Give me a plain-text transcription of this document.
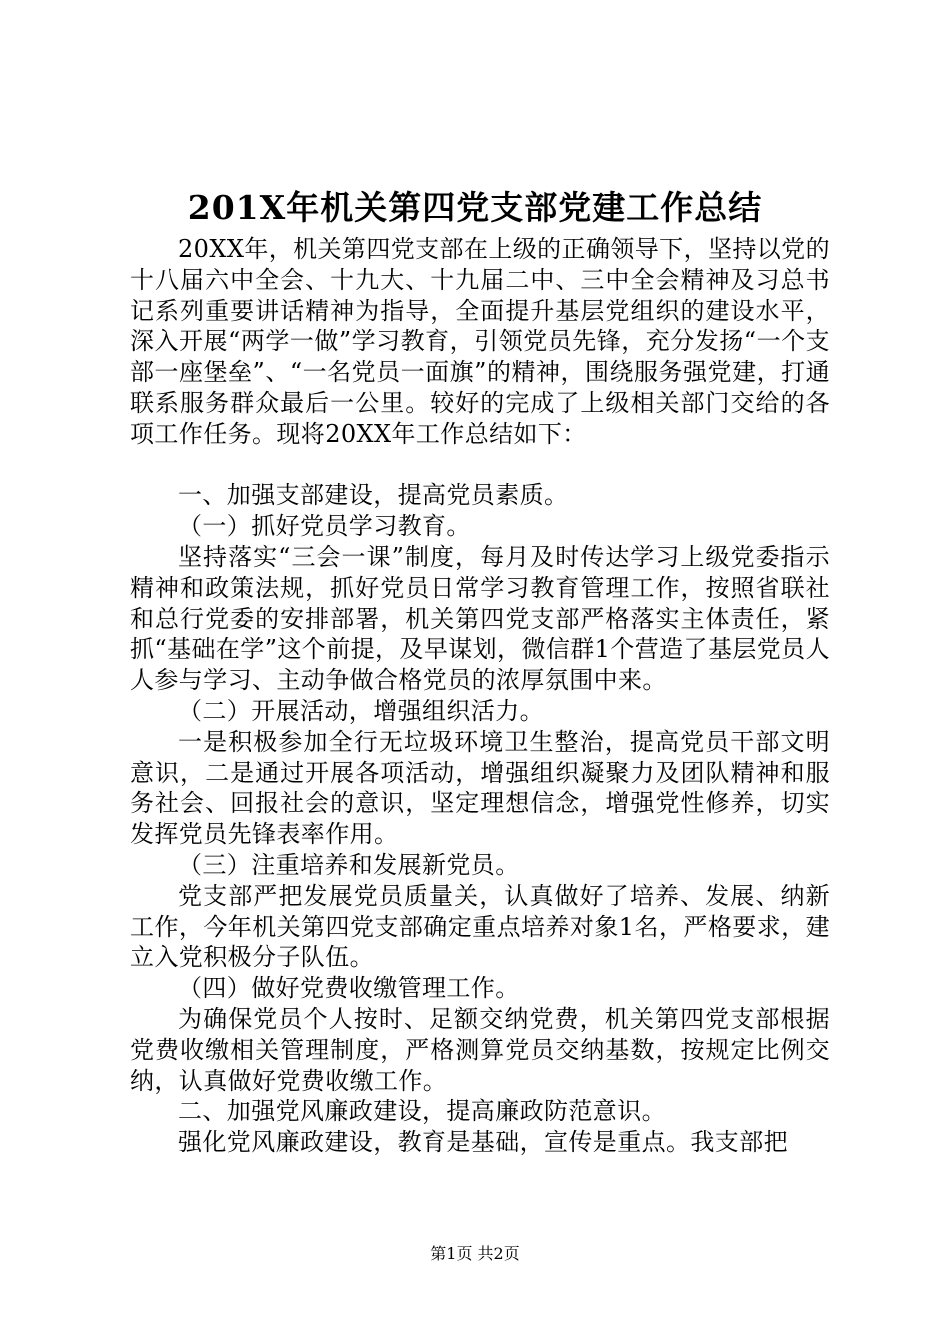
201X年机关第四党支部党建工作总结

20XX年，机关第四党支部在上级的正确领导下，坚持以党的十八届六中全会、十九大、十九届二中、三中全会精神及习总书记系列重要讲话精神为指导，全面提升基层党组织的建设水平，深入开展“两学一做”学习教育，引领党员先锋，充分发扬“一个支部一座堡垒”、“一名党员一面旗”的精神，围绕服务强党建，打通联系服务群众最后一公里。较好的完成了上级相关部门交给的各项工作任务。现将20XX年工作总结如下：

一、加强支部建设，提高党员素质。

（一）抓好党员学习教育。

坚持落实“三会一课”制度，每月及时传达学习上级党委指示精神和政策法规，抓好党员日常学习教育管理工作，按照省联社和总行党委的安排部署，机关第四党支部严格落实主体责任，紧抓“基础在学”这个前提，及早谋划，微信群1个营造了基层党员人人参与学习、主动争做合格党员的浓厚氛围中来。

（二）开展活动，增强组织活力。

一是积极参加全行无垃圾环境卫生整治，提高党员干部文明意识，二是通过开展各项活动，增强组织凝聚力及团队精神和服务社会、回报社会的意识，坚定理想信念，增强党性修养，切实发挥党员先锋表率作用。

（三）注重培养和发展新党员。

党支部严把发展党员质量关，认真做好了培养、发展、纳新工作，今年机关第四党支部确定重点培养对象1名，严格要求，建立入党积极分子队伍。

（四）做好党费收缴管理工作。

为确保党员个人按时、足额交纳党费，机关第四党支部根据党费收缴相关管理制度，严格测算党员交纳基数，按规定比例交纳，认真做好党费收缴工作。

二、加强党风廉政建设，提高廉政防范意识。

强化党风廉政建设，教育是基础，宣传是重点。我支部把

第1页 共2页
